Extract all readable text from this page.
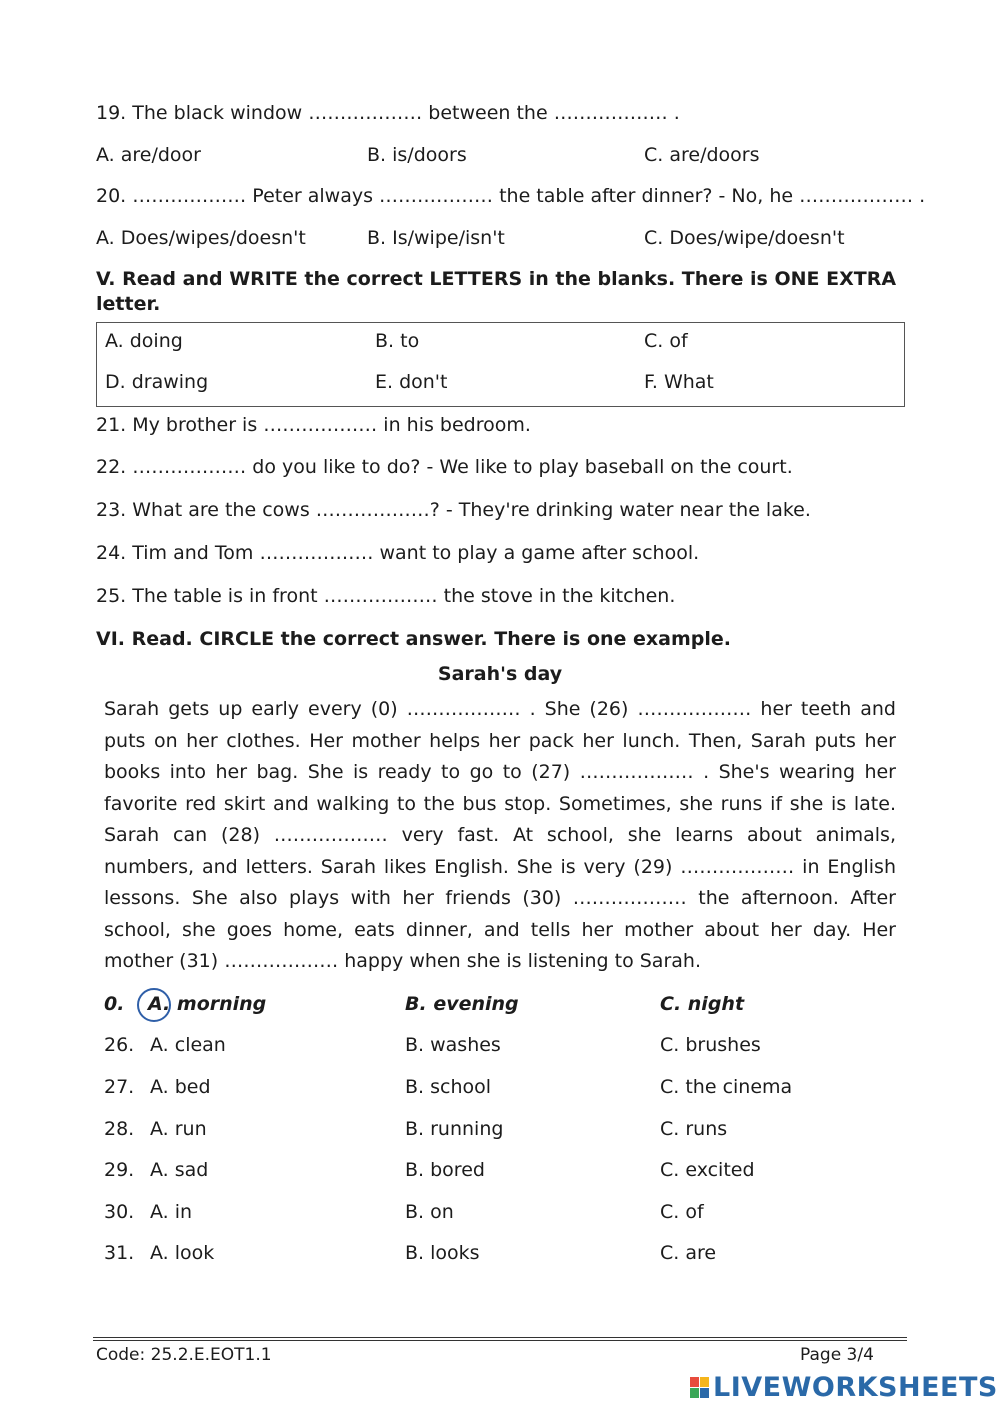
19. The black window ……………… between the ……………… .
A. are/door	B. is/doors	C. are/doors
20. ……………… Peter always ……………… the table after dinner? - No, he ……………… .
A. Does/wipes/doesn't	B. Is/wipe/isn't	C. Does/wipe/doesn't
V. Read and WRITE the correct LETTERS in the blanks. There is ONE EXTRA
letter.
A. doing	B. to	C. of
D. drawing	E. don't	F. What
21. My brother is ……………… in his bedroom.
22. ……………… do you like to do? - We like to play baseball on the court.
23. What are the cows ………………? - They're drinking water near the lake.
24. Tim and Tom ……………… want to play a game after school.
25. The table is in front ……………… the stove in the kitchen.
VI. Read. CIRCLE the correct answer. There is one example.
Sarah's day
Sarah gets up early every (0) ……………… . She (26) ……………… her teeth and puts on her clothes. Her mother helps her pack her lunch. Then, Sarah puts her books into her bag. She is ready to go to (27) ……………… . She's wearing her favorite red skirt and walking to the bus stop. Sometimes, she runs if she is late. Sarah can (28) ……………… very fast. At school, she learns about animals, numbers, and letters. Sarah likes English. She is very (29) ……………… in English lessons. She also plays with her friends (30) ……………… the afternoon. After school, she goes home, eats dinner, and tells her mother about her day. Her mother (31) ……………… happy when she is listening to Sarah.
0. A. morning	B. evening	C. night
26. A. clean	B. washes	C. brushes
27. A. bed	B. school	C. the cinema
28. A. run	B. running	C. runs
29. A. sad	B. bored	C. excited
30. A. in	B. on	C. of
31. A. look	B. looks	C. are
Code: 25.2.E.EOT1.1	Page 3/4
LIVEWORKSHEETS
